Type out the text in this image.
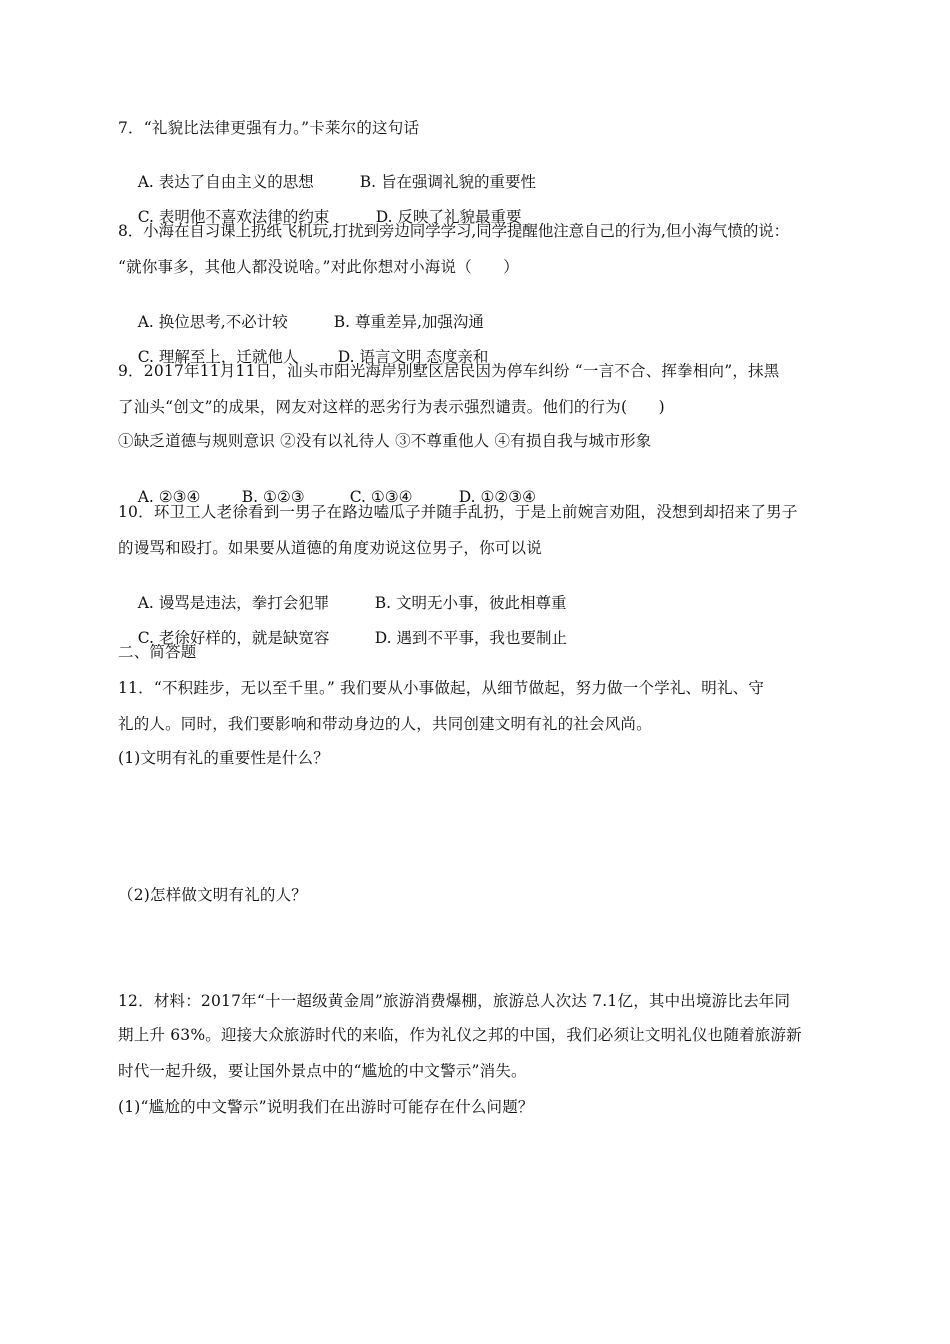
7．“礼貌比法律更强有力。”卡莱尔的这句话

A. 表达了自由主义的思想	B. 旨在强调礼貌的重要性

C. 表明他不喜欢法律的约束	D. 反映了礼貌最重要

8．小海在自习课上扔纸飞机玩,打扰到旁边同学学习,同学提醒他注意自己的行为,但小海气愤的说：
“就你事多，其他人都没说啥。”对此你想对小海说（　　）

A. 换位思考,不必计较	B. 尊重差异,加强沟通

C. 理解至上，迁就他人	D. 语言文明 态度亲和

9．2017年11月11日，汕头市阳光海岸别墅区居民因为停车纠纷 “一言不合、挥拳相向”，抹黑
了汕头“创文”的成果，网友对这样的恶劣行为表示强烈谴责。他们的行为(　　)
①缺乏道德与规则意识 ②没有以礼待人 ③不尊重他人 ④有损自我与城市形象

A. ②③④	B. ①②③	C. ①③④	D. ①②③④

10．环卫工人老徐看到一男子在路边嗑瓜子并随手乱扔，于是上前婉言劝阻，没想到却招来了男子
的谩骂和殴打。如果要从道德的角度劝说这位男子，你可以说

A. 谩骂是违法，拳打会犯罪	B. 文明无小事，彼此相尊重

C. 老徐好样的，就是缺宽容	D. 遇到不平事，我也要制止

二、简答题
11．“不积跬步，无以至千里。” 我们要从小事做起，从细节做起，努力做一个学礼、明礼、守
礼的人。同时，我们要影响和带动身边的人，共同创建文明有礼的社会风尚。
(1)文明有礼的重要性是什么？
（2)怎样做文明有礼的人？
12．材料：2017年“十一超级黄金周”旅游消费爆棚，旅游总人次达 7.1亿，其中出境游比去年同
期上升 63%。迎接大众旅游时代的来临，作为礼仪之邦的中国，我们必须让文明礼仪也随着旅游新
时代一起升级，要让国外景点中的“尴尬的中文警示”消失。
(1)“尴尬的中文警示”说明我们在出游时可能存在什么问题？
